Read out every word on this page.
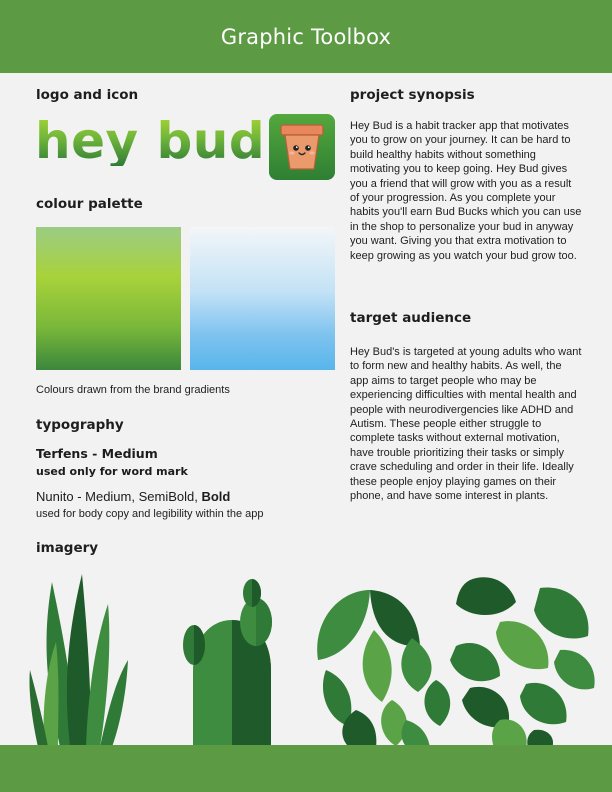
Graphic Toolbox
logo and icon
hey bud
colour palette
Colours drawn from the brand gradients
typography
Terfens - Medium
used only for word mark
Nunito - Medium, SemiBold, Bold
used for body copy and legibility within the app
imagery
project synopsis

Hey Bud is a habit tracker app that motivates you to grow on your journey. It can be hard to build healthy habits without something motivating you to keep going. Hey Bud gives you a friend that will grow with you as a result of your progression. As you complete your habits you'll earn Bud Bucks which you can use in the shop to personalize your bud in anyway you want. Giving you that extra motivation to keep growing as you watch your bud grow too.

target audience

Hey Bud's is targeted at young adults who want to form new and healthy habits. As well, the app aims to target people who may be experiencing difficulties with mental health and people with neurodivergencies like ADHD and Autism. These people either struggle to complete tasks without external motivation, have trouble prioritizing their tasks or simply crave scheduling and order in their life. Ideally these people enjoy playing games on their phone, and have some interest in plants.
